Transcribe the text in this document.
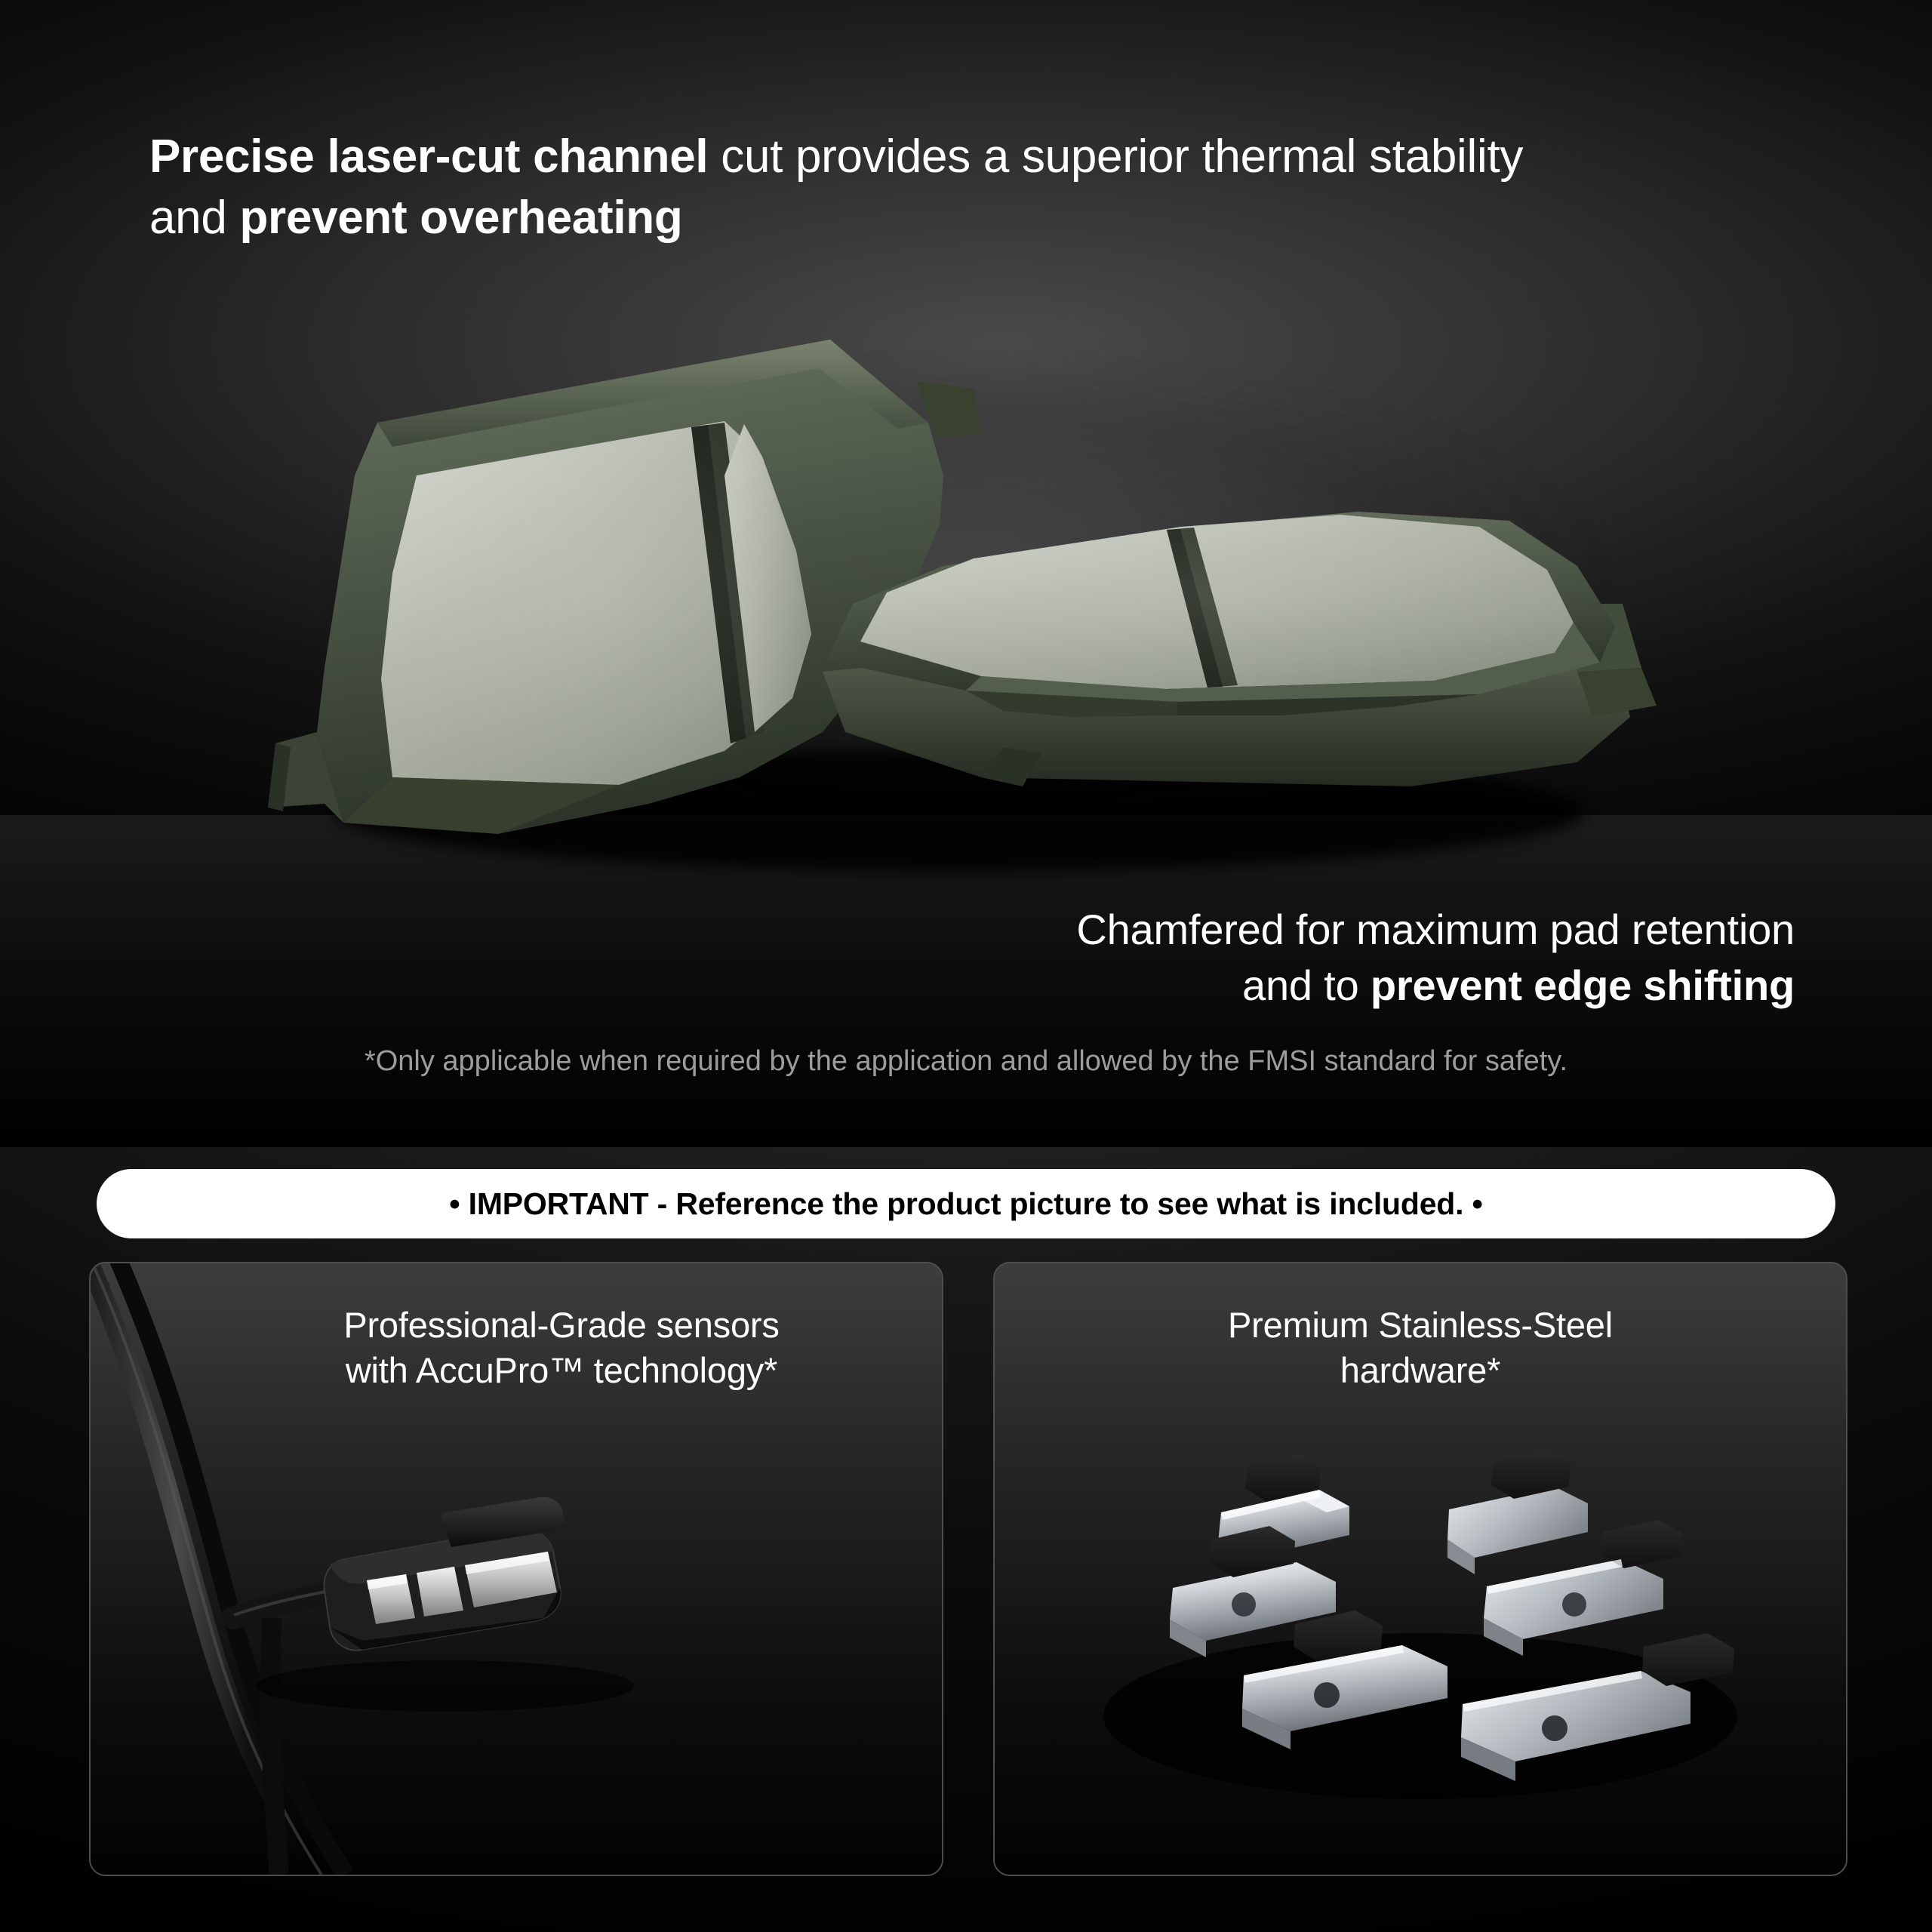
Precise laser-cut channel cut provides a superior thermal stability
and prevent overheating
Chamfered for maximum pad retention
and to prevent edge shifting
*Only applicable when required by the application and allowed by the FMSI standard for safety.
• IMPORTANT - Reference the product picture to see what is included. •
Professional-Grade sensors
with AccuPro™ technology*
Premium Stainless-Steel
hardware*
